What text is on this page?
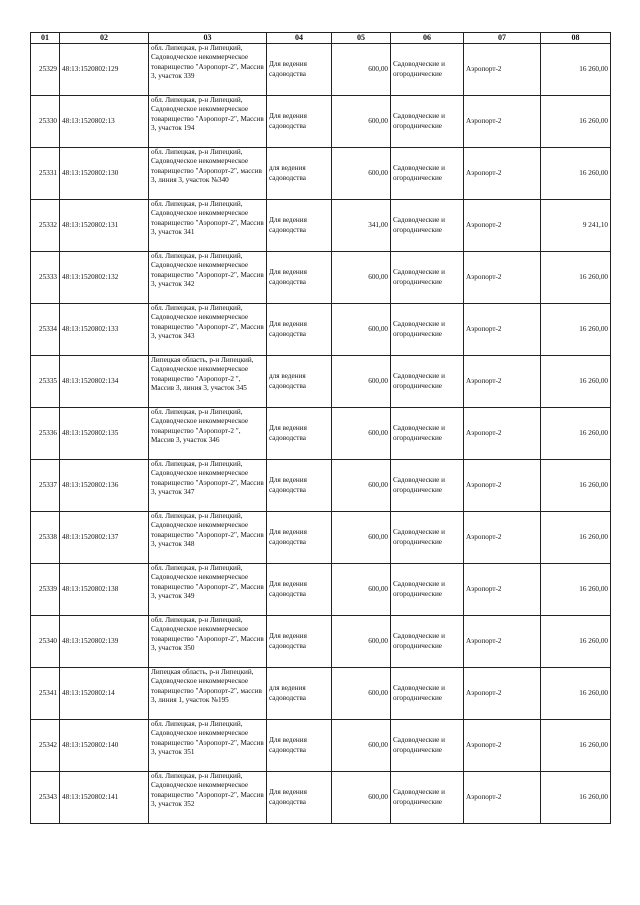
01	02	03	04	05	06	07	08
25329	48:13:1520802:129	обл. Липецкая, р-н Липецкий, Садоводческое некоммерческое товарищество "Аэропорт-2", Массив 3, участок 339	Для ведения садоводства	600,00	Садоводческие и огороднические	Аэропорт-2	16 260,00
25330	48:13:1520802:13	обл. Липецкая, р-н Липецкий, Садоводческое некоммерческое товарищество "Аэропорт-2", Массив 3, участок 194	Для ведения садоводства	600,00	Садоводческие и огороднические	Аэропорт-2	16 260,00
25331	48:13:1520802:130	обл. Липецкая, р-н Липецкий, Садоводческое некоммерческое товарищество "Аэропорт-2", массив 3, линия 3, участок №340	для ведения садоводства	600,00	Садоводческие и огороднические	Аэропорт-2	16 260,00
25332	48:13:1520802:131	обл. Липецкая, р-н Липецкий, Садоводческое некоммерческое товарищество "Аэропорт-2", Массив 3, участок 341	Для ведения садоводства	341,00	Садоводческие и огороднические	Аэропорт-2	9 241,10
25333	48:13:1520802:132	обл. Липецкая, р-н Липецкий, Садоводческое некоммерческое товарищество "Аэропорт-2", Массив 3, участок 342	Для ведения садоводства	600,00	Садоводческие и огороднические	Аэропорт-2	16 260,00
25334	48:13:1520802:133	обл. Липецкая, р-н Липецкий, Садоводческое некоммерческое товарищество "Аэропорт-2", Массив 3, участок 343	Для ведения садоводства	600,00	Садоводческие и огороднические	Аэропорт-2	16 260,00
25335	48:13:1520802:134	Липецкая область, р-н Липецкий, Садоводческое некоммерческое товарищество "Аэропорт-2 ", Массив 3, линия 3, участок 345	для ведения садоводства	600,00	Садоводческие и огороднические	Аэропорт-2	16 260,00
25336	48:13:1520802:135	обл. Липецкая, р-н Липецкий, Садоводческое некоммерческое товарищество "Аэропорт-2 ", Массив 3, участок 346	Для ведения садоводства	600,00	Садоводческие и огороднические	Аэропорт-2	16 260,00
25337	48:13:1520802:136	обл. Липецкая, р-н Липецкий, Садоводческое некоммерческое товарищество "Аэропорт-2", Массив 3, участок 347	Для ведения садоводства	600,00	Садоводческие и огороднические	Аэропорт-2	16 260,00
25338	48:13:1520802:137	обл. Липецкая, р-н Липецкий, Садоводческое некоммерческое товарищество "Аэропорт-2", Массив 3, участок 348	Для ведения садоводства	600,00	Садоводческие и огороднические	Аэропорт-2	16 260,00
25339	48:13:1520802:138	обл. Липецкая, р-н Липецкий, Садоводческое некоммерческое товарищество "Аэропорт-2", Массив 3, участок 349	Для ведения садоводства	600,00	Садоводческие и огороднические	Аэропорт-2	16 260,00
25340	48:13:1520802:139	обл. Липецкая, р-н Липецкий, Садоводческое некоммерческое товарищество "Аэропорт-2", Массив 3, участок 350	Для ведения садоводства	600,00	Садоводческие и огороднические	Аэропорт-2	16 260,00
25341	48:13:1520802:14	Липецкая область, р-н Липецкий, Садоводческое некоммерческое товарищество "Аэропорт-2", массив 3, линия 1, участок №195	для ведения садоводства	600,00	Садоводческие и огороднические	Аэропорт-2	16 260,00
25342	48:13:1520802:140	обл. Липецкая, р-н Липецкий, Садоводческое некоммерческое товарищество "Аэропорт-2", Массив 3, участок 351	Для ведения садоводства	600,00	Садоводческие и огороднические	Аэропорт-2	16 260,00
25343	48:13:1520802:141	обл. Липецкая, р-н Липецкий, Садоводческое некоммерческое товарищество "Аэропорт-2", Массив 3, участок 352	Для ведения садоводства	600,00	Садоводческие и огороднические	Аэропорт-2	16 260,00
